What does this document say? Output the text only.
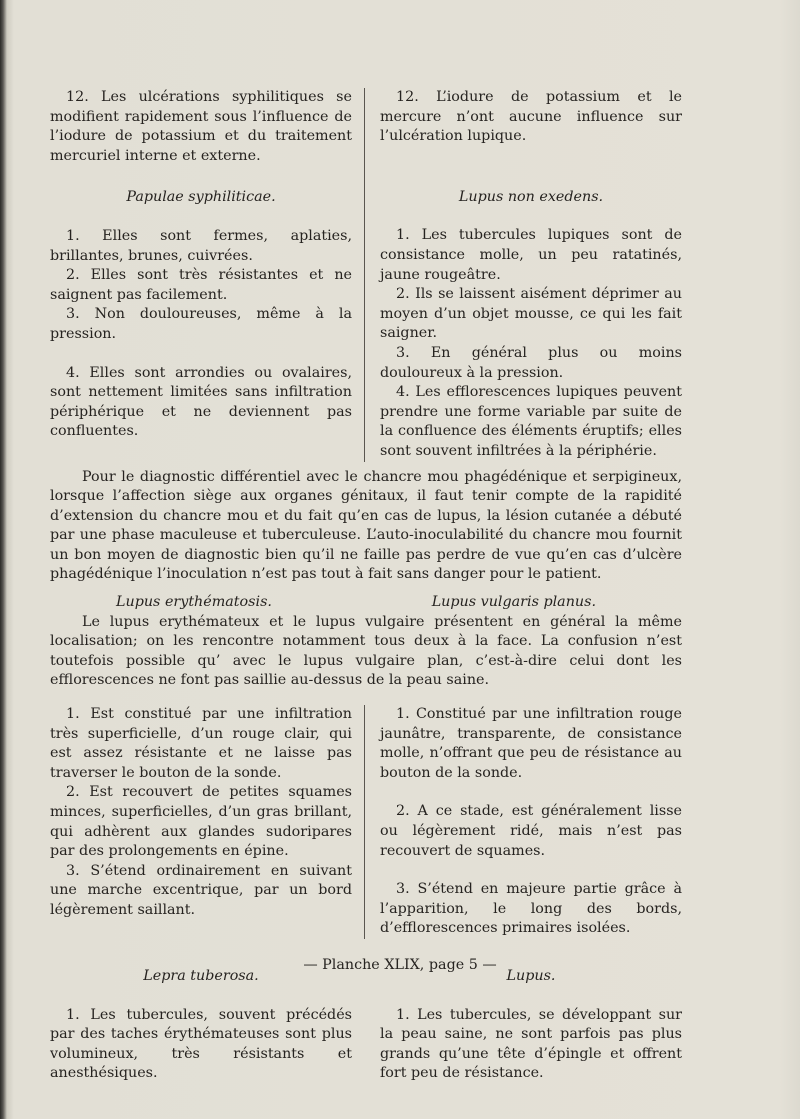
12. Les ulcérations syphilitiques se modifient rapidement sous l’influence de l’iodure de potassium et du traitement mercuriel interne et externe.

Papulae syphiliticae.

1. Elles sont fermes, aplaties, brillantes, brunes, cuivrées.

2. Elles sont très résistantes et ne saignent pas facilement.

3. Non douloureuses, même à la pression.

4. Elles sont arrondies ou ovalaires, sont nettement limitées sans infiltration périphérique et ne deviennent pas confluentes.

12. L’iodure de potassium et le mercure n’ont aucune influence sur l’ulcération lupique.

Lupus non exedens.

1. Les tubercules lupiques sont de consistance molle, un peu ratatinés, jaune rougeâtre.

2. Ils se laissent aisément déprimer au moyen d’un objet mousse, ce qui les fait saigner.

3. En général plus ou moins douloureux à la pression.

4. Les efflorescences lupiques peuvent prendre une forme variable par suite de la confluence des éléments éruptifs; elles sont souvent infiltrées à la périphérie.

Pour le diagnostic différentiel avec le chancre mou phagédénique et serpigineux, lorsque l’affection siège aux organes génitaux, il faut tenir compte de la rapidité d’extension du chancre mou et du fait qu’en cas de lupus, la lésion cutanée a débuté par une phase maculeuse et tuberculeuse. L’auto-inoculabilité du chancre mou fournit un bon moyen de diagnostic bien qu’il ne faille pas perdre de vue qu’en cas d’ulcère phagédénique l’inoculation n’est pas tout à fait sans danger pour le patient.

Lupus erythématosis.	Lupus vulgaris planus.

Le lupus erythémateux et le lupus vulgaire présentent en général la même localisation; on les rencontre notamment tous deux à la face. La confusion n’est toutefois possible qu’ avec le lupus vulgaire plan, c’est-à-dire celui dont les efflorescences ne font pas saillie au-dessus de la peau saine.

1. Est constitué par une infiltration très superficielle, d’un rouge clair, qui est assez résistante et ne laisse pas traverser le bouton de la sonde.

2. Est recouvert de petites squames minces, superficielles, d’un gras brillant, qui adhèrent aux glandes sudoripares par des prolongements en épine.

3. S’étend ordinairement en suivant une marche excentrique, par un bord légèrement saillant.

1. Constitué par une infiltration rouge jaunâtre, transparente, de consistance molle, n’offrant que peu de résistance au bouton de la sonde.

2. A ce stade, est généralement lisse ou légèrement ridé, mais n’est pas recouvert de squames.

3. S’étend en majeure partie grâce à l’apparition, le long des bords, d’efflorescences primaires isolées.

Lepra tuberosa.

1. Les tubercules, souvent précédés par des taches érythémateuses sont plus volumineux, très résistants et anesthésiques.

Lupus.

1. Les tubercules, se développant sur la peau saine, ne sont parfois pas plus grands qu’une tête d’épingle et offrent fort peu de résistance.

— Planche XLIX, page 5 —
